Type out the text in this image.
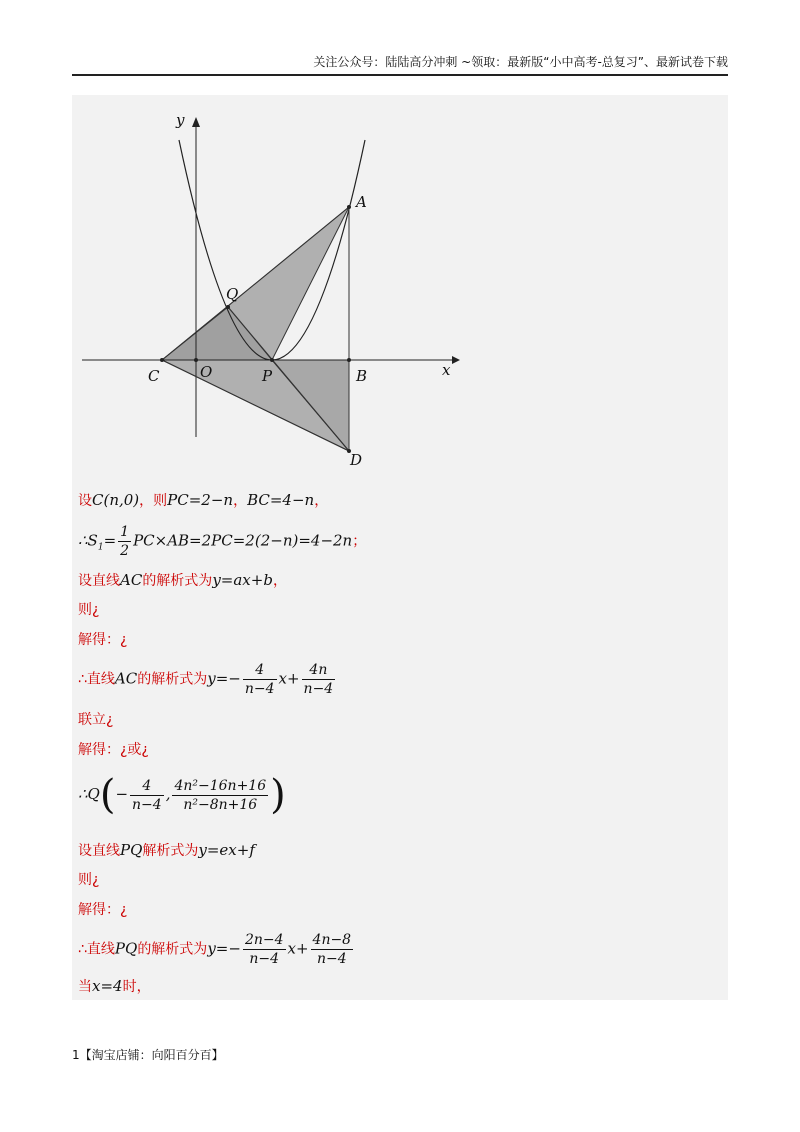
关注公众号：陆陆高分冲刺 ~领取：最新版“小中高考-总复习”、最新试卷下载
y
x
A
Q
C	O	P	B
D
设C(n,0)，则PC=2−n，BC=4−n，
$\therefore S_1= \frac{1}{2} PC\times AB=2PC=2(2-n)=4-2n$；
设直线AC的解析式为y=ax+b，
则¿
解得：¿
∴直线AC的解析式为$y=- \frac{4}{n-4} x+ \frac{4n}{n-4}$
联立¿
解得：¿或¿
∴Q(− $\frac{4}{n-4}$ , $\frac{\text{4n²−16n+16}}{\text{n²−8n+16}}$ )
设直线PQ解析式为y=ex+f
则¿
解得：¿
∴直线PQ的解析式为$y=- \frac{2n-4}{n-4} x+ \frac{4n-8}{n-4}$
当x=4时，
1【淘宝店铺：向阳百分百】
